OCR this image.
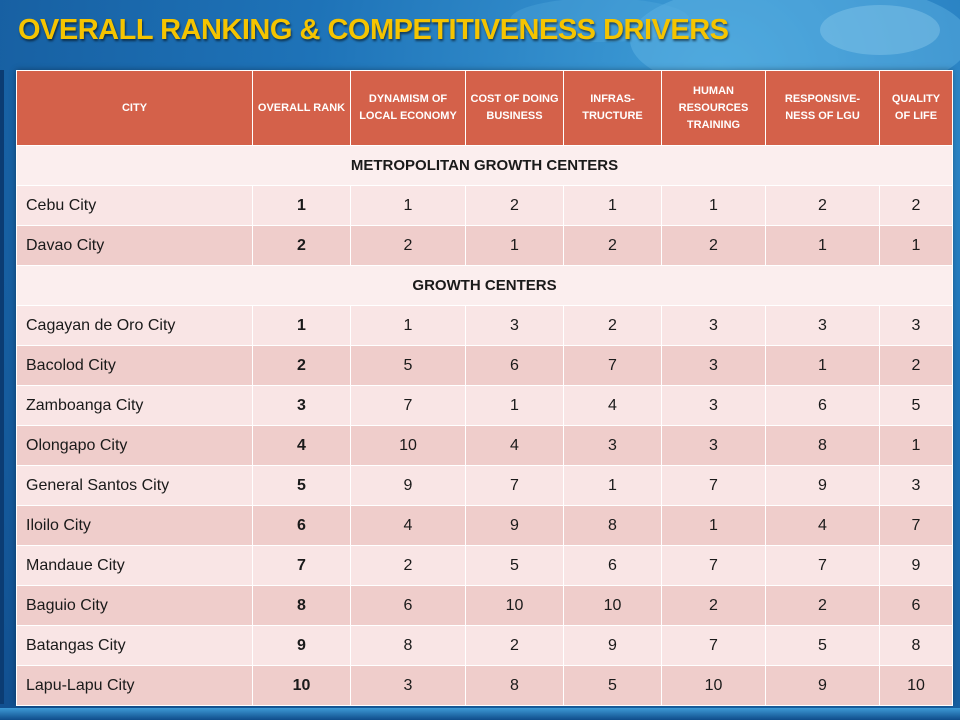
OVERALL RANKING & COMPETITIVENESS DRIVERS
CITY	OVERALL RANK	DYNAMISM OF LOCAL ECONOMY	COST OF DOING BUSINESS	INFRAS- TRUCTURE	HUMAN RESOURCES TRAINING	RESPONSIVE- NESS OF LGU	QUALITY OF LIFE
METROPOLITAN GROWTH CENTERS							
Cebu City	1	1	2	1	1	2	2
Davao City	2	2	1	2	2	1	1
GROWTH CENTERS							
Cagayan de Oro City	1	1	3	2	3	3	3
Bacolod City	2	5	6	7	3	1	2
Zamboanga City	3	7	1	4	3	6	5
Olongapo City	4	10	4	3	3	8	1
General Santos City	5	9	7	1	7	9	3
Iloilo City	6	4	9	8	1	4	7
Mandaue City	7	2	5	6	7	7	9
Baguio City	8	6	10	10	2	2	6
Batangas City	9	8	2	9	7	5	8
Lapu-Lapu City	10	3	8	5	10	9	10
